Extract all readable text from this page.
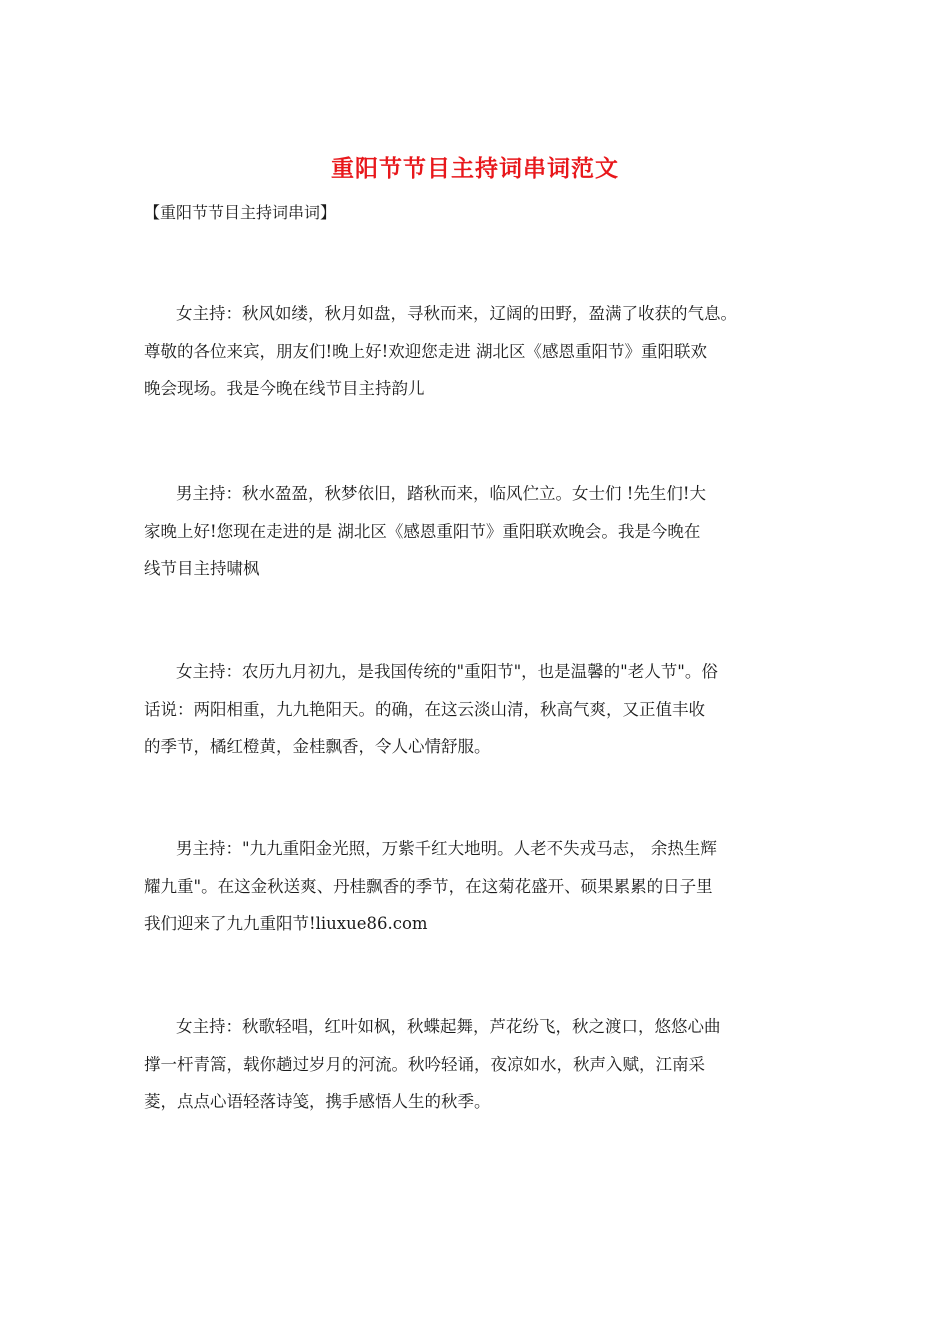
重阳节节目主持词串词范文
【重阳节节目主持词串词】
女主持：秋风如缕，秋月如盘，寻秋而来，辽阔的田野，盈满了收获的气息。
尊敬的各位来宾，朋友们!晚上好!欢迎您走进 湖北区《感恩重阳节》重阳联欢
晚会现场。我是今晚在线节目主持韵儿
男主持：秋水盈盈，秋梦依旧，踏秋而来，临风伫立。女士们 !先生们!大
家晚上好!您现在走进的是 湖北区《感恩重阳节》重阳联欢晚会。我是今晚在
线节目主持啸枫
女主持：农历九月初九，是我国传统的"重阳节"，也是温馨的"老人节"。俗
话说：两阳相重，九九艳阳天。的确，在这云淡山清，秋高气爽，又正值丰收
的季节，橘红橙黄，金桂飘香，令人心情舒服。
男主持："九九重阳金光照，万紫千红大地明。人老不失戎马志， 余热生辉
耀九重"。在这金秋送爽、丹桂飘香的季节，在这菊花盛开、硕果累累的日子里
我们迎来了九九重阳节!liuxue86.com
女主持：秋歌轻唱，红叶如枫，秋蝶起舞，芦花纷飞，秋之渡口，悠悠心曲
撑一杆青篙，载你趟过岁月的河流。秋吟轻诵，夜凉如水，秋声入赋，江南采
菱，点点心语轻落诗笺，携手感悟人生的秋季。
